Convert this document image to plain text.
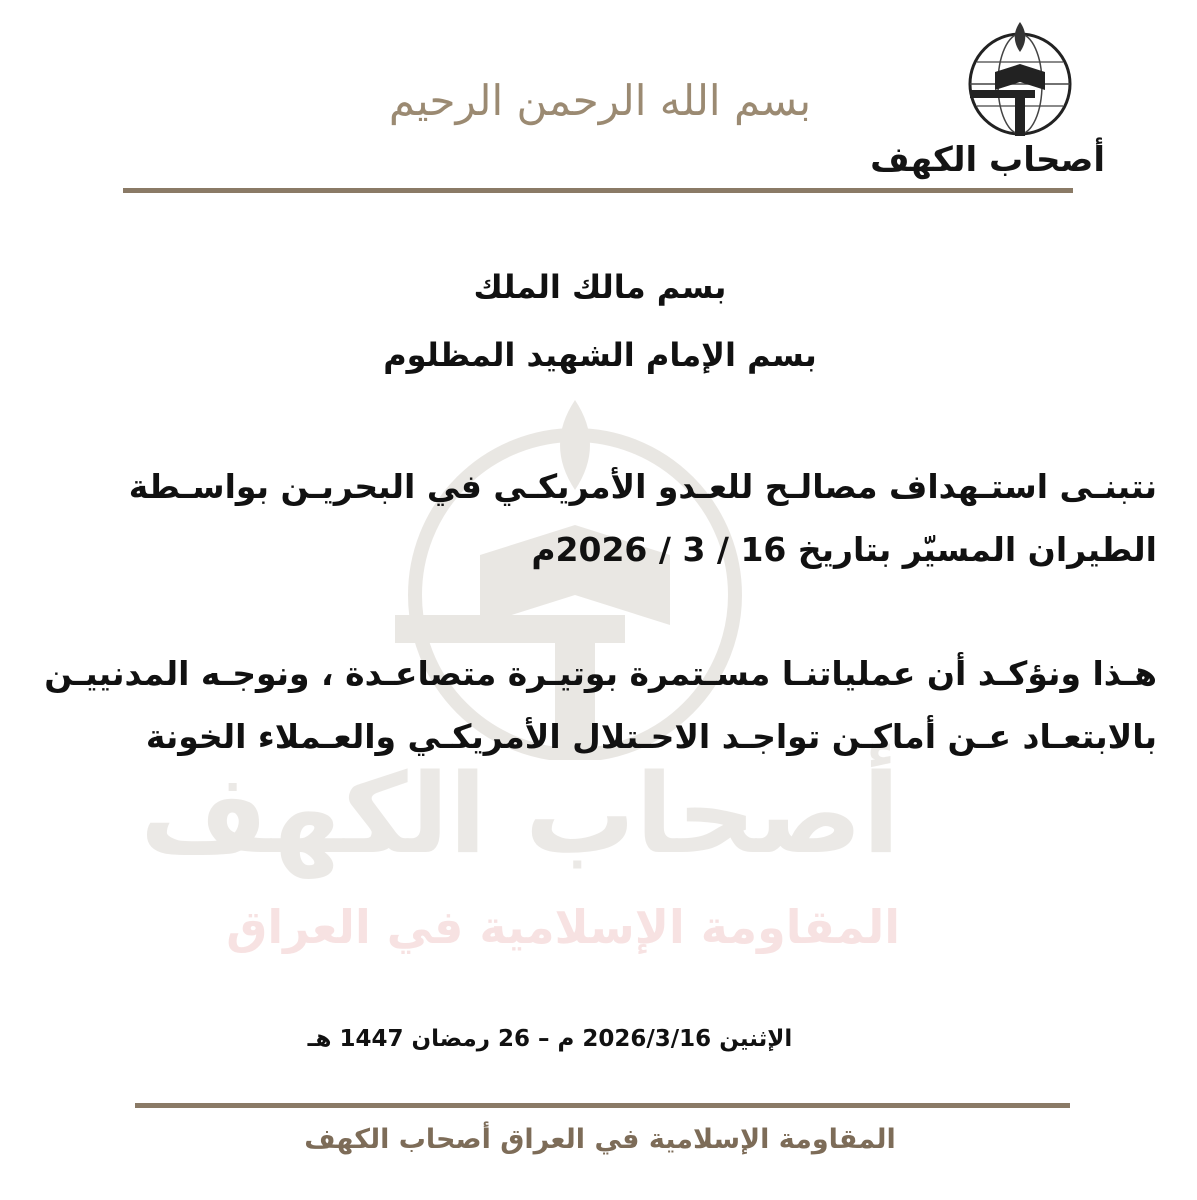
بسم الله الرحمن الرحيم
أصحاب الكهف
أصحاب الكهف
المقاومة الإسلامية في العراق
بسم مالك الملك
بسم الإمام الشهيد المظلوم
نتبنـى استـهداف مصالـح للعـدو الأمريكـي في البحريـن بواسـطة الطيران المسيّر بتاريخ 16 / 3 / 2026م
هـذا ونؤكـد أن عملياتنـا مسـتمرة بوتيـرة متصاعـدة ، ونوجـه المدنييـن بالابتعـاد عـن أماكـن تواجـد الاحـتلال الأمريكـي والعـملاء الخونة
الإثنين 2026/3/16 م – 26 رمضان 1447 هـ
المقاومة الإسلامية في العراق أصحاب الكهف
